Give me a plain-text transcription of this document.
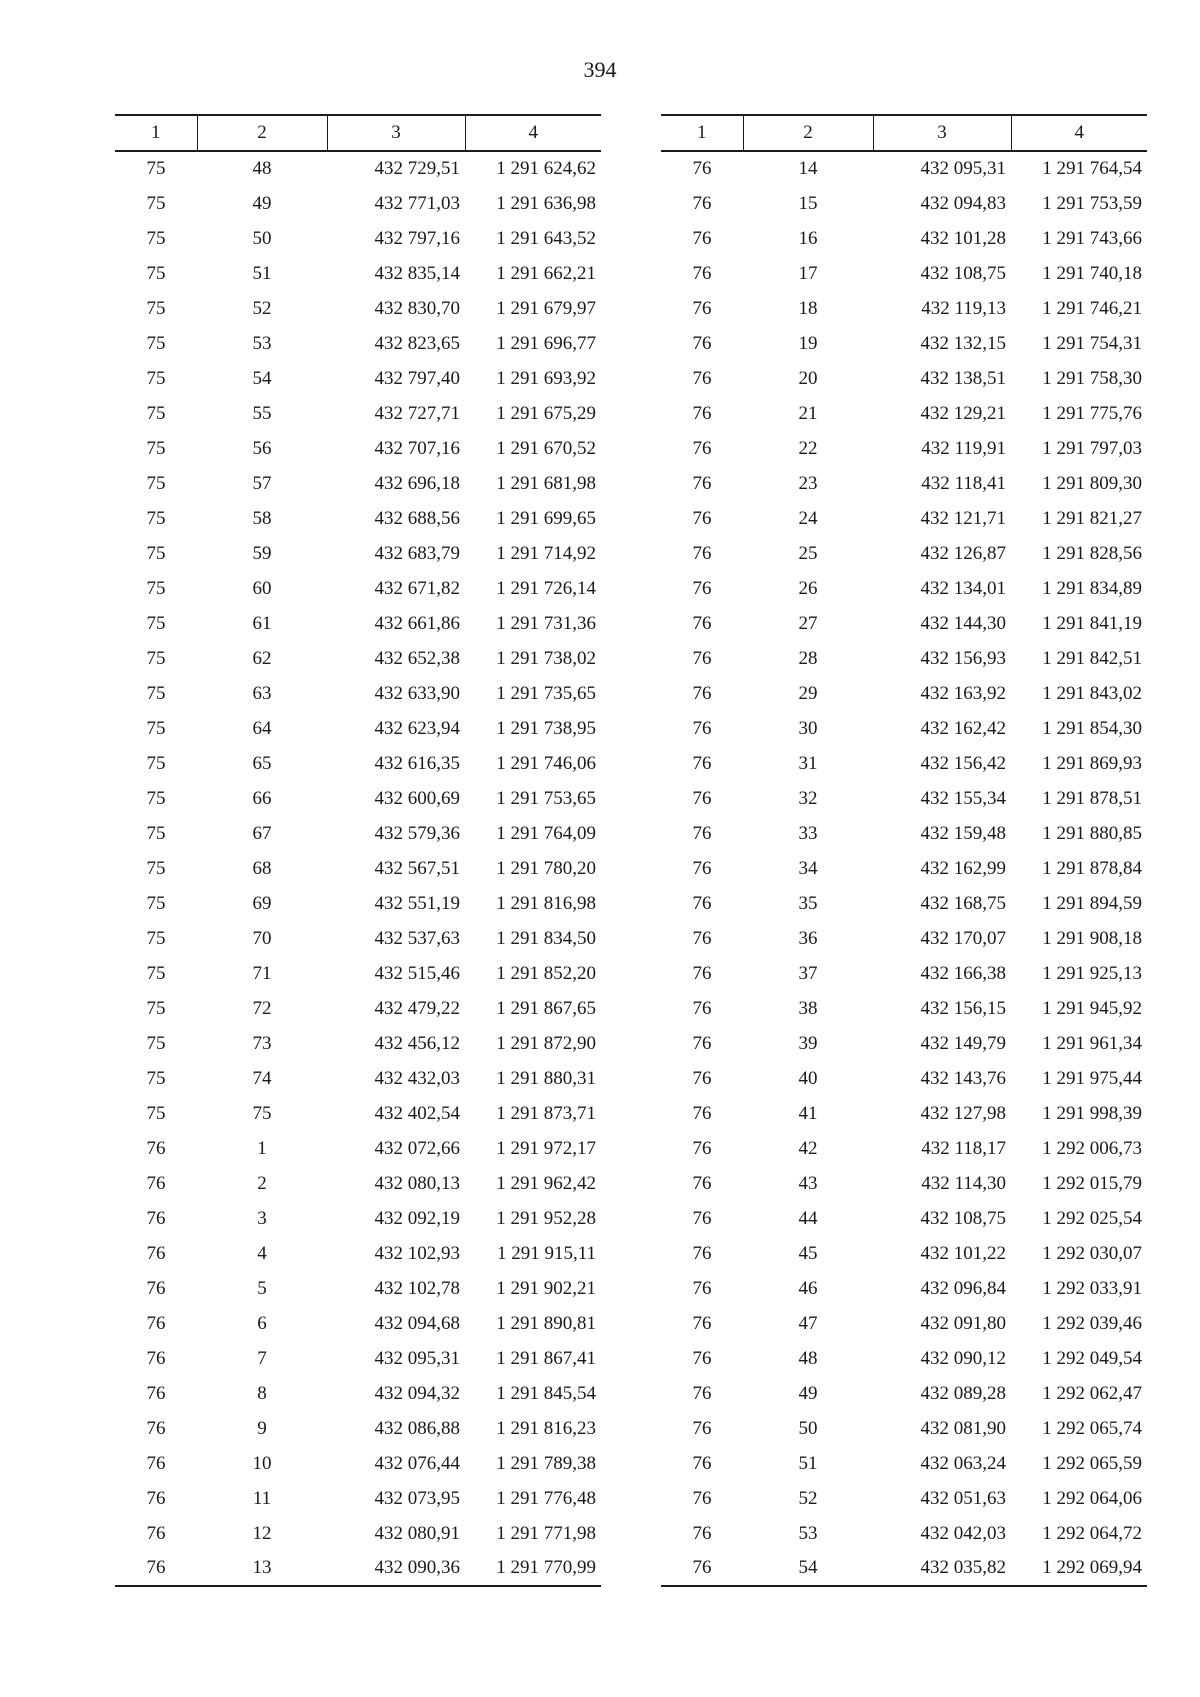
394
1	2	3	4
75	48	432 729,51	1 291 624,62
75	49	432 771,03	1 291 636,98
75	50	432 797,16	1 291 643,52
75	51	432 835,14	1 291 662,21
75	52	432 830,70	1 291 679,97
75	53	432 823,65	1 291 696,77
75	54	432 797,40	1 291 693,92
75	55	432 727,71	1 291 675,29
75	56	432 707,16	1 291 670,52
75	57	432 696,18	1 291 681,98
75	58	432 688,56	1 291 699,65
75	59	432 683,79	1 291 714,92
75	60	432 671,82	1 291 726,14
75	61	432 661,86	1 291 731,36
75	62	432 652,38	1 291 738,02
75	63	432 633,90	1 291 735,65
75	64	432 623,94	1 291 738,95
75	65	432 616,35	1 291 746,06
75	66	432 600,69	1 291 753,65
75	67	432 579,36	1 291 764,09
75	68	432 567,51	1 291 780,20
75	69	432 551,19	1 291 816,98
75	70	432 537,63	1 291 834,50
75	71	432 515,46	1 291 852,20
75	72	432 479,22	1 291 867,65
75	73	432 456,12	1 291 872,90
75	74	432 432,03	1 291 880,31
75	75	432 402,54	1 291 873,71
76	1	432 072,66	1 291 972,17
76	2	432 080,13	1 291 962,42
76	3	432 092,19	1 291 952,28
76	4	432 102,93	1 291 915,11
76	5	432 102,78	1 291 902,21
76	6	432 094,68	1 291 890,81
76	7	432 095,31	1 291 867,41
76	8	432 094,32	1 291 845,54
76	9	432 086,88	1 291 816,23
76	10	432 076,44	1 291 789,38
76	11	432 073,95	1 291 776,48
76	12	432 080,91	1 291 771,98
76	13	432 090,36	1 291 770,99
1	2	3	4
76	14	432 095,31	1 291 764,54
76	15	432 094,83	1 291 753,59
76	16	432 101,28	1 291 743,66
76	17	432 108,75	1 291 740,18
76	18	432 119,13	1 291 746,21
76	19	432 132,15	1 291 754,31
76	20	432 138,51	1 291 758,30
76	21	432 129,21	1 291 775,76
76	22	432 119,91	1 291 797,03
76	23	432 118,41	1 291 809,30
76	24	432 121,71	1 291 821,27
76	25	432 126,87	1 291 828,56
76	26	432 134,01	1 291 834,89
76	27	432 144,30	1 291 841,19
76	28	432 156,93	1 291 842,51
76	29	432 163,92	1 291 843,02
76	30	432 162,42	1 291 854,30
76	31	432 156,42	1 291 869,93
76	32	432 155,34	1 291 878,51
76	33	432 159,48	1 291 880,85
76	34	432 162,99	1 291 878,84
76	35	432 168,75	1 291 894,59
76	36	432 170,07	1 291 908,18
76	37	432 166,38	1 291 925,13
76	38	432 156,15	1 291 945,92
76	39	432 149,79	1 291 961,34
76	40	432 143,76	1 291 975,44
76	41	432 127,98	1 291 998,39
76	42	432 118,17	1 292 006,73
76	43	432 114,30	1 292 015,79
76	44	432 108,75	1 292 025,54
76	45	432 101,22	1 292 030,07
76	46	432 096,84	1 292 033,91
76	47	432 091,80	1 292 039,46
76	48	432 090,12	1 292 049,54
76	49	432 089,28	1 292 062,47
76	50	432 081,90	1 292 065,74
76	51	432 063,24	1 292 065,59
76	52	432 051,63	1 292 064,06
76	53	432 042,03	1 292 064,72
76	54	432 035,82	1 292 069,94
